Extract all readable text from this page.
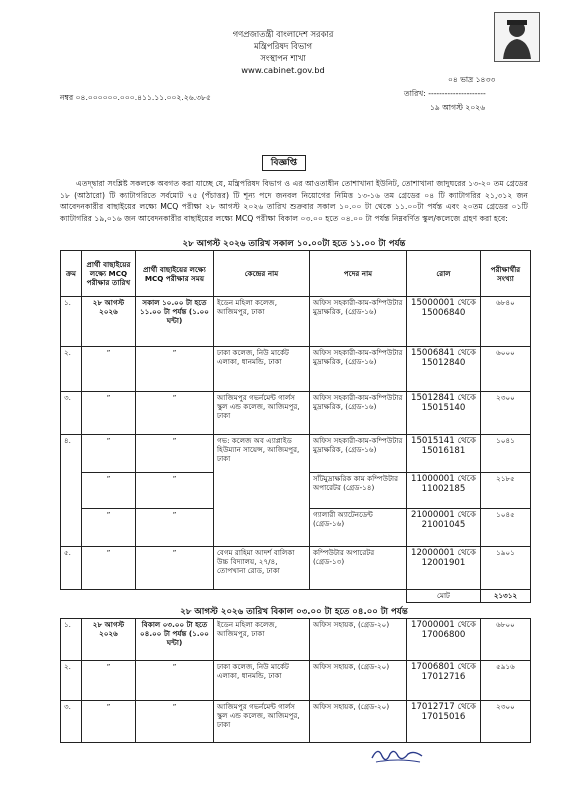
গণপ্রজাতন্ত্রী বাংলাদেশ সরকার
মন্ত্রিপরিষদ বিভাগ
সংস্থাপন শাখা
www.cabinet.gov.bd
নম্বর ০৪.০০০০০০.০০০.৪১১.১১.০০২.২৬.৩৮৫
০৪ ভাদ্র ১৪৩৩
তারিখ: ---------------------
১৯ আগস্ট ২০২৬
বিজ্ঞপ্তি
এতদ্দ্বারা সংশ্লিষ্ট সকলকে অবগত করা যাচ্ছে যে, মন্ত্রিপরিষদ বিভাগ ও এর আওতাধীন তোশাখানা ইউনিট, তোশাখানা জাদুঘরের ১৩-২০ তম গ্রেডের ১৮ (আঠারো) টি ক্যাটাগরিতে সর্বমোট ৭৫ (পঁচাত্তর) টি শূন্য পদে জনবল নিয়োগের নিমিত্ত ১৩-১৬ তম গ্রেডের ০৪ টি ক্যাটাগরির ২১,৩১২ জন আবেদনকারীর বাছাইয়ের লক্ষ্যে MCQ পরীক্ষা ২৮ আগস্ট ২০২৬ তারিখ শুক্রবার সকাল ১০.০০ টা থেকে ১১.০০টা পর্যন্ত এবং ২০তম গ্রেডের ০১টি ক্যাটাগরির ১৯,০১৬ জন আবেদনকারীর বাছাইয়ের লক্ষ্যে MCQ পরীক্ষা বিকাল ০৩.০০ হতে ০৪.০০ টা পর্যন্ত নিম্নবর্ণিত স্কুল/কলেজে গ্রহণ করা হবে:
২৮ আগস্ট ২০২৬ তারিখ সকাল ১০.০০টা হতে ১১.০০ টা পর্যন্ত
ক্রম	প্রার্থী বাছাইয়ের লক্ষ্যে MCQ পরীক্ষার তারিখ	প্রার্থী বাছাইয়ের লক্ষ্যে MCQ পরীক্ষার সময়	কেন্দ্রের নাম	পদের নাম	রোল	পরীক্ষার্থীর সংখ্যা
১.	২৮ আগস্ট ২০২৬	সকাল ১০.০০ টা হতে ১১.০০ টা পর্যন্ত (১.০০ ঘন্টা)	ইডেন মহিলা কলেজ, আজিমপুর, ঢাকা	অফিস সহকারী-কাম-কম্পিউটার মুদ্রাক্ষরিক, (গ্রেড-১৬)	15000001 থেকে 15006840	৬৮৪০
২.	”	”	ঢাকা কলেজ, নিউ মার্কেট এলাকা, ধানমন্ডি, ঢাকা	অফিস সহকারী-কাম-কম্পিউটার মুদ্রাক্ষরিক, (গ্রেড-১৬)	15006841 থেকে 15012840	৬০০০
৩.	”	”	আজিমপুর গভর্নমেন্ট গার্লস স্কুল এন্ড কলেজ, আজিমপুর, ঢাকা	অফিস সহকারী-কাম-কম্পিউটার মুদ্রাক্ষরিক, (গ্রেড-১৬)	15012841 থেকে 15015140	২৩০০
৪.	”	”	গভ: কলেজ অব এ্যাপ্লাইড হিউম্যান সায়েন্স, আজিমপুর, ঢাকা	অফিস সহকারী-কাম-কম্পিউটার মুদ্রাক্ষরিক, (গ্রেড-১৬)	15015141 থেকে 15016181	১০৪১
	”	”		সাঁটমুদ্রাক্ষরিক কাম কম্পিউটার অপারেটর (গ্রেড-১৪)	11000001 থেকে 11002185	২১৮৫
	”	”		গ্যালারী অ্যাটেনডেন্ট (গ্রেড-১৬)	21000001 থেকে 21001045	১০৪৫
৫.	”	”	বেগম রাহিমা আদর্শ বালিকা উচ্চ বিদ্যালয়, ২৭/৪, তোপখানা রোড, ঢাকা	কম্পিউটার অপারেটর (গ্রেড-১৩)	12000001 থেকে 12001901	১৯০১
					মোট	২১৩১২
২৮ আগস্ট ২০২৬ তারিখ বিকাল ০৩.০০ টা হতে ০৪.০০ টা পর্যন্ত
১.	২৮ আগস্ট ২০২৬	বিকাল ০৩.০০ টা হতে ০৪.০০ টা পর্যন্ত (১.০০ ঘন্টা)	ইডেন মহিলা কলেজ, আজিমপুর, ঢাকা	অফিস সহায়ক, (গ্রেড-২০)	17000001 থেকে 17006800	৬৮০০
২.	”	”	ঢাকা কলেজ, নিউ মার্কেট এলাকা, ধানমন্ডি, ঢাকা	অফিস সহায়ক, (গ্রেড-২০)	17006801 থেকে 17012716	৫৯১৬
৩.	”	”	আজিমপুর গভর্নমেন্ট গার্লস স্কুল এন্ড কলেজ, আজিমপুর, ঢাকা	অফিস সহায়ক, (গ্রেড-২০)	17012717 থেকে 17015016	২৩০০
